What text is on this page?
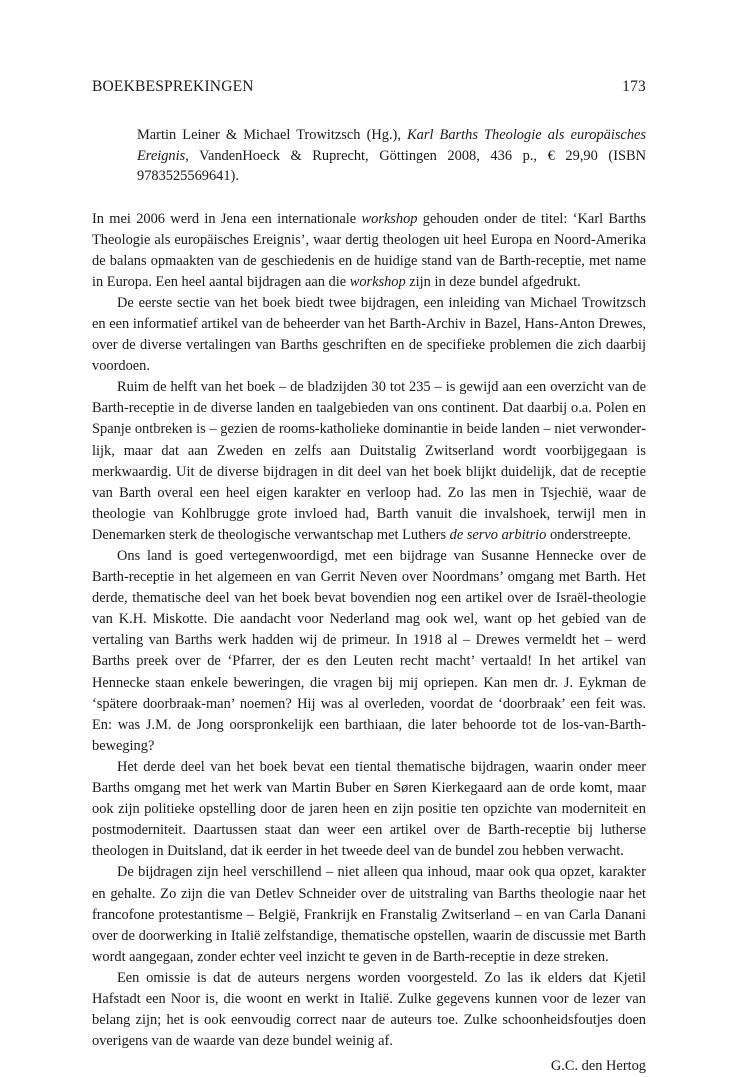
BOEKBESPREKINGEN	173
Martin Leiner & Michael Trowitzsch (Hg.), Karl Barths Theologie als europäisches Ereignis, VandenHoeck & Ruprecht, Göttingen 2008, 436 p., € 29,90 (ISBN 9783525569641).

In mei 2006 werd in Jena een internationale workshop gehouden onder de titel: ‘Karl Barths Theologie als europäisches Ereignis’, waar dertig theologen uit heel Europa en Noord-Amerika de balans opmaakten van de geschiedenis en de huidige stand van de Barth-receptie, met name in Europa. Een heel aantal bijdragen aan die workshop zijn in deze bundel afgedrukt.

De eerste sectie van het boek biedt twee bijdragen, een inleiding van Michael Trowitzsch en een informatief artikel van de beheerder van het Barth-Archiv in Bazel, Hans-Anton Drewes, over de diverse vertalingen van Barths geschriften en de specifieke problemen die zich daarbij voordoen.

Ruim de helft van het boek – de bladzijden 30 tot 235 – is gewijd aan een overzicht van de Barth-receptie in de diverse landen en taalgebieden van ons continent. Dat daarbij o.a. Polen en Spanje ontbreken is – gezien de rooms-katholieke dominantie in beide landen – niet verwonderlijk, maar dat aan Zweden en zelfs aan Duitstalig Zwitserland wordt voorbijgegaan is merkwaardig. Uit de diverse bijdragen in dit deel van het boek blijkt duidelijk, dat de receptie van Barth overal een heel eigen karakter en verloop had. Zo las men in Tsjechië, waar de theologie van Kohlbrugge grote invloed had, Barth vanuit die invalshoek, terwijl men in Denemarken sterk de theologische verwantschap met Luthers de servo arbitrio onderstreepte.

Ons land is goed vertegenwoordigd, met een bijdrage van Susanne Hennecke over de Barth-receptie in het algemeen en van Gerrit Neven over Noordmans’ omgang met Barth. Het derde, thematische deel van het boek bevat bovendien nog een artikel over de Israël-theologie van K.H. Miskotte. Die aandacht voor Nederland mag ook wel, want op het gebied van de vertaling van Barths werk hadden wij de primeur. In 1918 al – Drewes vermeldt het – werd Barths preek over de ‘Pfarrer, der es den Leuten recht macht’ vertaald! In het artikel van Hennecke staan enkele beweringen, die vragen bij mij opriepen. Kan men dr. J. Eykman de ‘spätere doorbraak-man’ noemen? Hij was al overleden, voordat de ‘doorbraak’ een feit was. En: was J.M. de Jong oorspronkelijk een barthiaan, die later behoorde tot de los-van-Barth-beweging?

Het derde deel van het boek bevat een tiental thematische bijdragen, waarin onder meer Barths omgang met het werk van Martin Buber en Søren Kierkegaard aan de orde komt, maar ook zijn politieke opstelling door de jaren heen en zijn positie ten opzichte van moderniteit en postmoderniteit. Daartussen staat dan weer een artikel over de Barth-receptie bij lutherse theologen in Duitsland, dat ik eerder in het tweede deel van de bundel zou hebben verwacht.

De bijdragen zijn heel verschillend – niet alleen qua inhoud, maar ook qua opzet, karakter en gehalte. Zo zijn die van Detlev Schneider over de uitstraling van Barths theologie naar het francofone protestantisme – België, Frankrijk en Franstalig Zwitserland – en van Carla Danani over de doorwerking in Italië zelfstandige, thematische opstellen, waarin de discussie met Barth wordt aangegaan, zonder echter veel inzicht te geven in de Barth-receptie in deze streken.

Een omissie is dat de auteurs nergens worden voorgesteld. Zo las ik elders dat Kjetil Hafstadt een Noor is, die woont en werkt in Italië. Zulke gegevens kunnen voor de lezer van belang zijn; het is ook eenvoudig correct naar de auteurs toe. Zulke schoonheidsfoutjes doen overigens van de waarde van deze bundel weinig af.

G.C. den Hertog
